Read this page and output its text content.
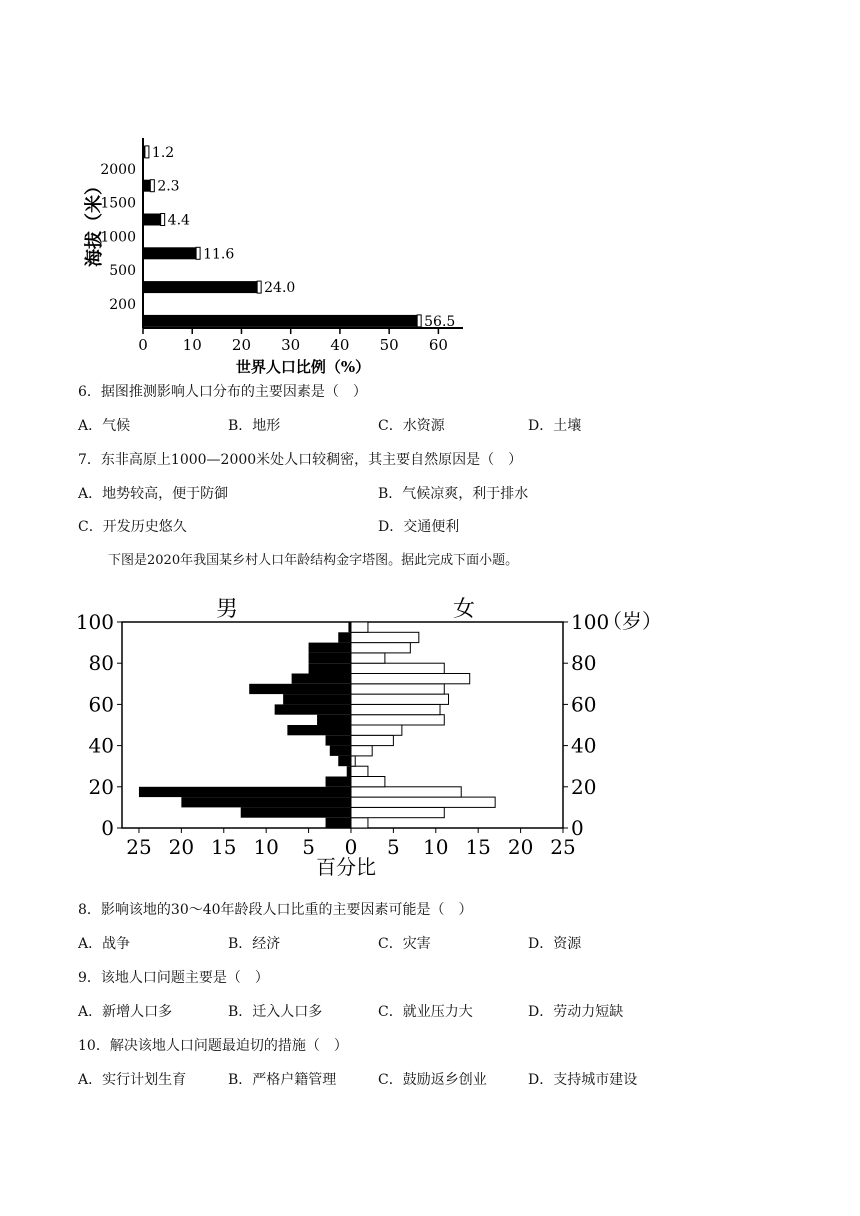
海拔（米）
2000
1500
1000
500
200
1.2
2.3
4.4
11.6
24.0
56.5
0 10 20 30 40 50 60
世界人口比例（%）
6．据图推测影响人口分布的主要因素是（　）
A．气候	B．地形	C．水资源	D．土壤
7．东非高原上1000—2000米处人口较稠密，其主要自然原因是（　）
A．地势较高，便于防御	B．气候凉爽，利于排水
C．开发历史悠久	D．交通便利
下图是2020年我国某乡村人口年龄结构金字塔图。据此完成下面小题。
男	女
0	0
20	20
40	40
60	60
80	80
100	100
（岁）
25 20 15 10 5 0 5 10 15 20 25
百分比
8．影响该地的30～40年龄段人口比重的主要因素可能是（　）
A．战争	B．经济	C．灾害	D．资源
9．该地人口问题主要是（　）
A．新增人口多	B．迁入人口多	C．就业压力大	D．劳动力短缺
10．解决该地人口问题最迫切的措施（　）
A．实行计划生育	B．严格户籍管理	C．鼓励返乡创业	D．支持城市建设
